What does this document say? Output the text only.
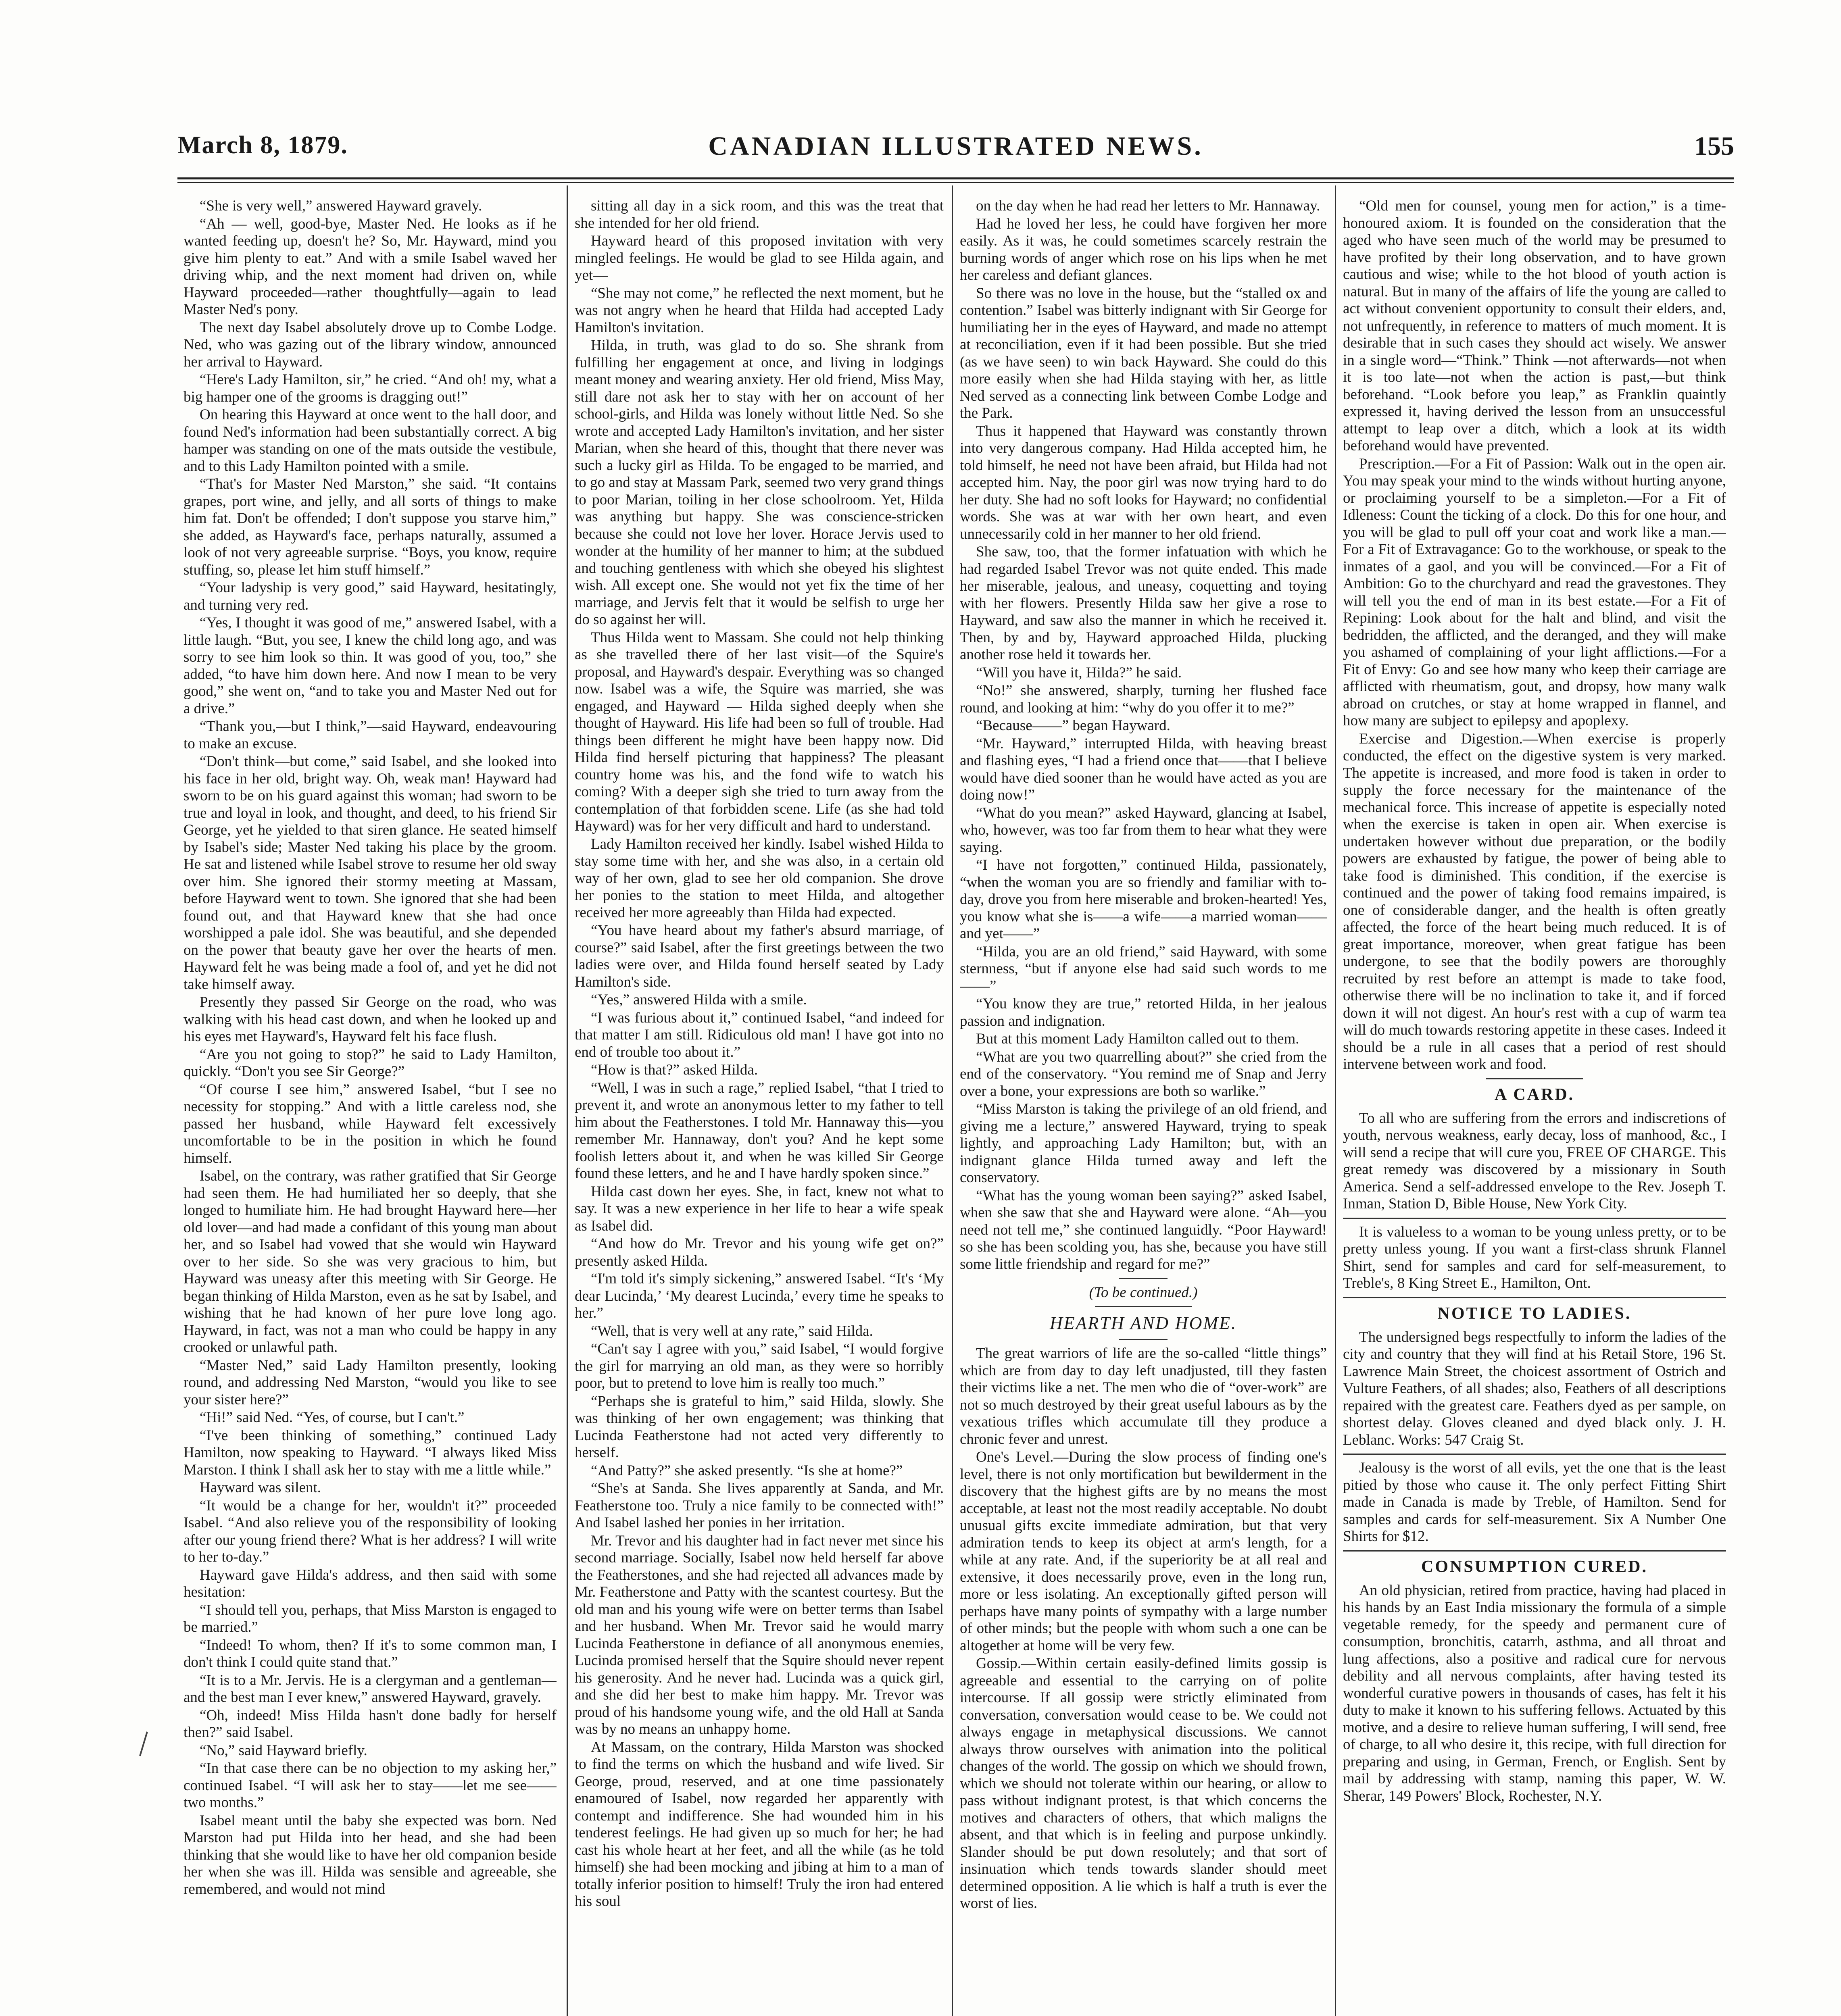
March 8, 1879.	CANADIAN ILLUSTRATED NEWS.	155

“She is very well,” answered Hayward gravely.

“Ah — well, good-bye, Master Ned. He looks as if he wanted feeding up, doesn't he? So, Mr. Hayward, mind you give him plenty to eat.” And with a smile Isabel waved her driving whip, and the next moment had driven on, while Hayward proceeded—rather thoughtfully—again to lead Master Ned's pony.

The next day Isabel absolutely drove up to Combe Lodge. Ned, who was gazing out of the library window, announced her arrival to Hayward.

“Here's Lady Hamilton, sir,” he cried. “And oh! my, what a big hamper one of the grooms is dragging out!”

On hearing this Hayward at once went to the hall door, and found Ned's information had been substantially correct. A big hamper was standing on one of the mats outside the vestibule, and to this Lady Hamilton pointed with a smile.

“That's for Master Ned Marston,” she said. “It contains grapes, port wine, and jelly, and all sorts of things to make him fat. Don't be offended; I don't suppose you starve him,” she added, as Hayward's face, perhaps naturally, assumed a look of not very agreeable surprise. “Boys, you know, require stuffing, so, please let him stuff himself.”

“Your ladyship is very good,” said Hayward, hesitatingly, and turning very red.

“Yes, I thought it was good of me,” answered Isabel, with a little laugh. “But, you see, I knew the child long ago, and was sorry to see him look so thin. It was good of you, too,” she added, “to have him down here. And now I mean to be very good,” she went on, “and to take you and Master Ned out for a drive.”

“Thank you,—but I think,”—said Hayward, endeavouring to make an excuse.

“Don't think—but come,” said Isabel, and she looked into his face in her old, bright way. Oh, weak man! Hayward had sworn to be on his guard against this woman; had sworn to be true and loyal in look, and thought, and deed, to his friend Sir George, yet he yielded to that siren glance. He seated himself by Isabel's side; Master Ned taking his place by the groom. He sat and listened while Isabel strove to resume her old sway over him. She ignored their stormy meeting at Massam, before Hayward went to town. She ignored that she had been found out, and that Hayward knew that she had once worshipped a pale idol. She was beautiful, and she depended on the power that beauty gave her over the hearts of men. Hayward felt he was being made a fool of, and yet he did not take himself away.

Presently they passed Sir George on the road, who was walking with his head cast down, and when he looked up and his eyes met Hayward's, Hayward felt his face flush.

“Are you not going to stop?” he said to Lady Hamilton, quickly. “Don't you see Sir George?”

“Of course I see him,” answered Isabel, “but I see no necessity for stopping.” And with a little careless nod, she passed her husband, while Hayward felt excessively uncomfortable to be in the position in which he found himself.

Isabel, on the contrary, was rather gratified that Sir George had seen them. He had humiliated her so deeply, that she longed to humiliate him. He had brought Hayward here—her old lover—and had made a confidant of this young man about her, and so Isabel had vowed that she would win Hayward over to her side. So she was very gracious to him, but Hayward was uneasy after this meeting with Sir George. He began thinking of Hilda Marston, even as he sat by Isabel, and wishing that he had known of her pure love long ago. Hayward, in fact, was not a man who could be happy in any crooked or unlawful path.

“Master Ned,” said Lady Hamilton presently, looking round, and addressing Ned Marston, “would you like to see your sister here?”

“Hi!” said Ned. “Yes, of course, but I can't.”

“I've been thinking of something,” continued Lady Hamilton, now speaking to Hayward. “I always liked Miss Marston. I think I shall ask her to stay with me a little while.”

Hayward was silent.

“It would be a change for her, wouldn't it?” proceeded Isabel. “And also relieve you of the responsibility of looking after our young friend there? What is her address? I will write to her to-day.”

Hayward gave Hilda's address, and then said with some hesitation:

“I should tell you, perhaps, that Miss Marston is engaged to be married.”

“Indeed! To whom, then? If it's to some common man, I don't think I could quite stand that.”

“It is to a Mr. Jervis. He is a clergyman and a gentleman—and the best man I ever knew,” answered Hayward, gravely.

“Oh, indeed! Miss Hilda hasn't done badly for herself then?” said Isabel.

“No,” said Hayward briefly.

“In that case there can be no objection to my asking her,” continued Isabel. “I will ask her to stay——let me see——two months.”

Isabel meant until the baby she expected was born. Ned Marston had put Hilda into her head, and she had been thinking that she would like to have her old companion beside her when she was ill. Hilda was sensible and agreeable, she remembered, and would not mind

sitting all day in a sick room, and this was the treat that she intended for her old friend.

Hayward heard of this proposed invitation with very mingled feelings. He would be glad to see Hilda again, and yet—

“She may not come,” he reflected the next moment, but he was not angry when he heard that Hilda had accepted Lady Hamilton's invitation.

Hilda, in truth, was glad to do so. She shrank from fulfilling her engagement at once, and living in lodgings meant money and wearing anxiety. Her old friend, Miss May, still dare not ask her to stay with her on account of her school-girls, and Hilda was lonely without little Ned. So she wrote and accepted Lady Hamilton's invitation, and her sister Marian, when she heard of this, thought that there never was such a lucky girl as Hilda. To be engaged to be married, and to go and stay at Massam Park, seemed two very grand things to poor Marian, toiling in her close schoolroom. Yet, Hilda was anything but happy. She was conscience-stricken because she could not love her lover. Horace Jervis used to wonder at the humility of her manner to him; at the subdued and touching gentleness with which she obeyed his slightest wish. All except one. She would not yet fix the time of her marriage, and Jervis felt that it would be selfish to urge her do so against her will.

Thus Hilda went to Massam. She could not help thinking as she travelled there of her last visit—of the Squire's proposal, and Hayward's despair. Everything was so changed now. Isabel was a wife, the Squire was married, she was engaged, and Hayward — Hilda sighed deeply when she thought of Hayward. His life had been so full of trouble. Had things been different he might have been happy now. Did Hilda find herself picturing that happiness? The pleasant country home was his, and the fond wife to watch his coming? With a deeper sigh she tried to turn away from the contemplation of that forbidden scene. Life (as she had told Hayward) was for her very difficult and hard to understand.

Lady Hamilton received her kindly. Isabel wished Hilda to stay some time with her, and she was also, in a certain old way of her own, glad to see her old companion. She drove her ponies to the station to meet Hilda, and altogether received her more agreeably than Hilda had expected.

“You have heard about my father's absurd marriage, of course?” said Isabel, after the first greetings between the two ladies were over, and Hilda found herself seated by Lady Hamilton's side.

“Yes,” answered Hilda with a smile.

“I was furious about it,” continued Isabel, “and indeed for that matter I am still. Ridiculous old man! I have got into no end of trouble too about it.”

“How is that?” asked Hilda.

“Well, I was in such a rage,” replied Isabel, “that I tried to prevent it, and wrote an anonymous letter to my father to tell him about the Featherstones. I told Mr. Hannaway this—you remember Mr. Hannaway, don't you? And he kept some foolish letters about it, and when he was killed Sir George found these letters, and he and I have hardly spoken since.”

Hilda cast down her eyes. She, in fact, knew not what to say. It was a new experience in her life to hear a wife speak as Isabel did.

“And how do Mr. Trevor and his young wife get on?” presently asked Hilda.

“I'm told it's simply sickening,” answered Isabel. “It's ‘My dear Lucinda,’ ‘My dearest Lucinda,’ every time he speaks to her.”

“Well, that is very well at any rate,” said Hilda.

“Can't say I agree with you,” said Isabel, “I would forgive the girl for marrying an old man, as they were so horribly poor, but to pretend to love him is really too much.”

“Perhaps she is grateful to him,” said Hilda, slowly. She was thinking of her own engagement; was thinking that Lucinda Featherstone had not acted very differently to herself.

“And Patty?” she asked presently. “Is she at home?”

“She's at Sanda. She lives apparently at Sanda, and Mr. Featherstone too. Truly a nice family to be connected with!” And Isabel lashed her ponies in her irritation.

Mr. Trevor and his daughter had in fact never met since his second marriage. Socially, Isabel now held herself far above the Featherstones, and she had rejected all advances made by Mr. Featherstone and Patty with the scantest courtesy. But the old man and his young wife were on better terms than Isabel and her husband. When Mr. Trevor said he would marry Lucinda Featherstone in defiance of all anonymous enemies, Lucinda promised herself that the Squire should never repent his generosity. And he never had. Lucinda was a quick girl, and she did her best to make him happy. Mr. Trevor was proud of his handsome young wife, and the old Hall at Sanda was by no means an unhappy home.

At Massam, on the contrary, Hilda Marston was shocked to find the terms on which the husband and wife lived. Sir George, proud, reserved, and at one time passionately enamoured of Isabel, now regarded her apparently with contempt and indifference. She had wounded him in his tenderest feelings. He had given up so much for her; he had cast his whole heart at her feet, and all the while (as he told himself) she had been mocking and jibing at him to a man of totally inferior position to himself! Truly the iron had entered his soul

on the day when he had read her letters to Mr. Hannaway.

Had he loved her less, he could have forgiven her more easily. As it was, he could sometimes scarcely restrain the burning words of anger which rose on his lips when he met her careless and defiant glances.

So there was no love in the house, but the “stalled ox and contention.” Isabel was bitterly indignant with Sir George for humiliating her in the eyes of Hayward, and made no attempt at reconciliation, even if it had been possible. But she tried (as we have seen) to win back Hayward. She could do this more easily when she had Hilda staying with her, as little Ned served as a connecting link between Combe Lodge and the Park.

Thus it happened that Hayward was constantly thrown into very dangerous company. Had Hilda accepted him, he told himself, he need not have been afraid, but Hilda had not accepted him. Nay, the poor girl was now trying hard to do her duty. She had no soft looks for Hayward; no confidential words. She was at war with her own heart, and even unnecessarily cold in her manner to her old friend.

She saw, too, that the former infatuation with which he had regarded Isabel Trevor was not quite ended. This made her miserable, jealous, and uneasy, coquetting and toying with her flowers. Presently Hilda saw her give a rose to Hayward, and saw also the manner in which he received it. Then, by and by, Hayward approached Hilda, plucking another rose held it towards her.

“Will you have it, Hilda?” he said.

“No!” she answered, sharply, turning her flushed face round, and looking at him: “why do you offer it to me?”

“Because——” began Hayward.

“Mr. Hayward,” interrupted Hilda, with heaving breast and flashing eyes, “I had a friend once that——that I believe would have died sooner than he would have acted as you are doing now!”

“What do you mean?” asked Hayward, glancing at Isabel, who, however, was too far from them to hear what they were saying.

“I have not forgotten,” continued Hilda, passionately, “when the woman you are so friendly and familiar with to-day, drove you from here miserable and broken-hearted! Yes, you know what she is——a wife——a married woman——and yet——”

“Hilda, you are an old friend,” said Hayward, with some sternness, “but if anyone else had said such words to me——”

“You know they are true,” retorted Hilda, in her jealous passion and indignation.

But at this moment Lady Hamilton called out to them.

“What are you two quarrelling about?” she cried from the end of the conservatory. “You remind me of Snap and Jerry over a bone, your expressions are both so warlike.”

“Miss Marston is taking the privilege of an old friend, and giving me a lecture,” answered Hayward, trying to speak lightly, and approaching Lady Hamilton; but, with an indignant glance Hilda turned away and left the conservatory.

“What has the young woman been saying?” asked Isabel, when she saw that she and Hayward were alone. “Ah—you need not tell me,” she continued languidly. “Poor Hayward! so she has been scolding you, has she, because you have still some little friendship and regard for me?”

(To be continued.)
HEARTH AND HOME.

The great warriors of life are the so-called “little things” which are from day to day left unadjusted, till they fasten their victims like a net. The men who die of “over-work” are not so much destroyed by their great useful labours as by the vexatious trifles which accumulate till they produce a chronic fever and unrest.

One's Level.—During the slow process of finding one's level, there is not only mortification but bewilderment in the discovery that the highest gifts are by no means the most acceptable, at least not the most readily acceptable. No doubt unusual gifts excite immediate admiration, but that very admiration tends to keep its object at arm's length, for a while at any rate. And, if the superiority be at all real and extensive, it does necessarily prove, even in the long run, more or less isolating. An exceptionally gifted person will perhaps have many points of sympathy with a large number of other minds; but the people with whom such a one can be altogether at home will be very few.

Gossip.—Within certain easily-defined limits gossip is agreeable and essential to the carrying on of polite intercourse. If all gossip were strictly eliminated from conversation, conversation would cease to be. We could not always engage in metaphysical discussions. We cannot always throw ourselves with animation into the political changes of the world. The gossip on which we should frown, which we should not tolerate within our hearing, or allow to pass without indignant protest, is that which concerns the motives and characters of others, that which maligns the absent, and that which is in feeling and purpose unkindly. Slander should be put down resolutely; and that sort of insinuation which tends towards slander should meet determined opposition. A lie which is half a truth is ever the worst of lies.

“Old men for counsel, young men for action,” is a time-honoured axiom. It is founded on the consideration that the aged who have seen much of the world may be presumed to have profited by their long observation, and to have grown cautious and wise; while to the hot blood of youth action is natural. But in many of the affairs of life the young are called to act without convenient opportunity to consult their elders, and, not unfrequently, in reference to matters of much moment. It is desirable that in such cases they should act wisely. We answer in a single word—“Think.” Think —not afterwards—not when it is too late—not when the action is past,—but think beforehand. “Look before you leap,” as Franklin quaintly expressed it, having derived the lesson from an unsuccessful attempt to leap over a ditch, which a look at its width beforehand would have prevented.

Prescription.—For a Fit of Passion: Walk out in the open air. You may speak your mind to the winds without hurting anyone, or proclaiming yourself to be a simpleton.—For a Fit of Idleness: Count the ticking of a clock. Do this for one hour, and you will be glad to pull off your coat and work like a man.—For a Fit of Extravagance: Go to the workhouse, or speak to the inmates of a gaol, and you will be convinced.—For a Fit of Ambition: Go to the churchyard and read the gravestones. They will tell you the end of man in its best estate.—For a Fit of Repining: Look about for the halt and blind, and visit the bedridden, the afflicted, and the deranged, and they will make you ashamed of complaining of your light afflictions.—For a Fit of Envy: Go and see how many who keep their carriage are afflicted with rheumatism, gout, and dropsy, how many walk abroad on crutches, or stay at home wrapped in flannel, and how many are subject to epilepsy and apoplexy.

Exercise and Digestion.—When exercise is properly conducted, the effect on the digestive system is very marked. The appetite is increased, and more food is taken in order to supply the force necessary for the maintenance of the mechanical force. This increase of appetite is especially noted when the exercise is taken in open air. When exercise is undertaken however without due preparation, or the bodily powers are exhausted by fatigue, the power of being able to take food is diminished. This condition, if the exercise is continued and the power of taking food remains impaired, is one of considerable danger, and the health is often greatly affected, the force of the heart being much reduced. It is of great importance, moreover, when great fatigue has been undergone, to see that the bodily powers are thoroughly recruited by rest before an attempt is made to take food, otherwise there will be no inclination to take it, and if forced down it will not digest. An hour's rest with a cup of warm tea will do much towards restoring appetite in these cases. Indeed it should be a rule in all cases that a period of rest should intervene between work and food.

A CARD.

To all who are suffering from the errors and indiscretions of youth, nervous weakness, early decay, loss of manhood, &c., I will send a recipe that will cure you, FREE OF CHARGE. This great remedy was discovered by a missionary in South America. Send a self-addressed envelope to the Rev. Joseph T. Inman, Station D, Bible House, New York City.

It is valueless to a woman to be young unless pretty, or to be pretty unless young. If you want a first-class shrunk Flannel Shirt, send for samples and card for self-measurement, to Treble's, 8 King Street E., Hamilton, Ont.

NOTICE TO LADIES.

The undersigned begs respectfully to inform the ladies of the city and country that they will find at his Retail Store, 196 St. Lawrence Main Street, the choicest assortment of Ostrich and Vulture Feathers, of all shades; also, Feathers of all descriptions repaired with the greatest care. Feathers dyed as per sample, on shortest delay. Gloves cleaned and dyed black only. J. H. Leblanc. Works: 547 Craig St.

Jealousy is the worst of all evils, yet the one that is the least pitied by those who cause it. The only perfect Fitting Shirt made in Canada is made by Treble, of Hamilton. Send for samples and cards for self-measurement. Six A Number One Shirts for $12.

CONSUMPTION CURED.

An old physician, retired from practice, having had placed in his hands by an East India missionary the formula of a simple vegetable remedy, for the speedy and permanent cure of consumption, bronchitis, catarrh, asthma, and all throat and lung affections, also a positive and radical cure for nervous debility and all nervous complaints, after having tested its wonderful curative powers in thousands of cases, has felt it his duty to make it known to his suffering fellows. Actuated by this motive, and a desire to relieve human suffering, I will send, free of charge, to all who desire it, this recipe, with full direction for preparing and using, in German, French, or English. Sent by mail by addressing with stamp, naming this paper, W. W. Sherar, 149 Powers' Block, Rochester, N.Y.
